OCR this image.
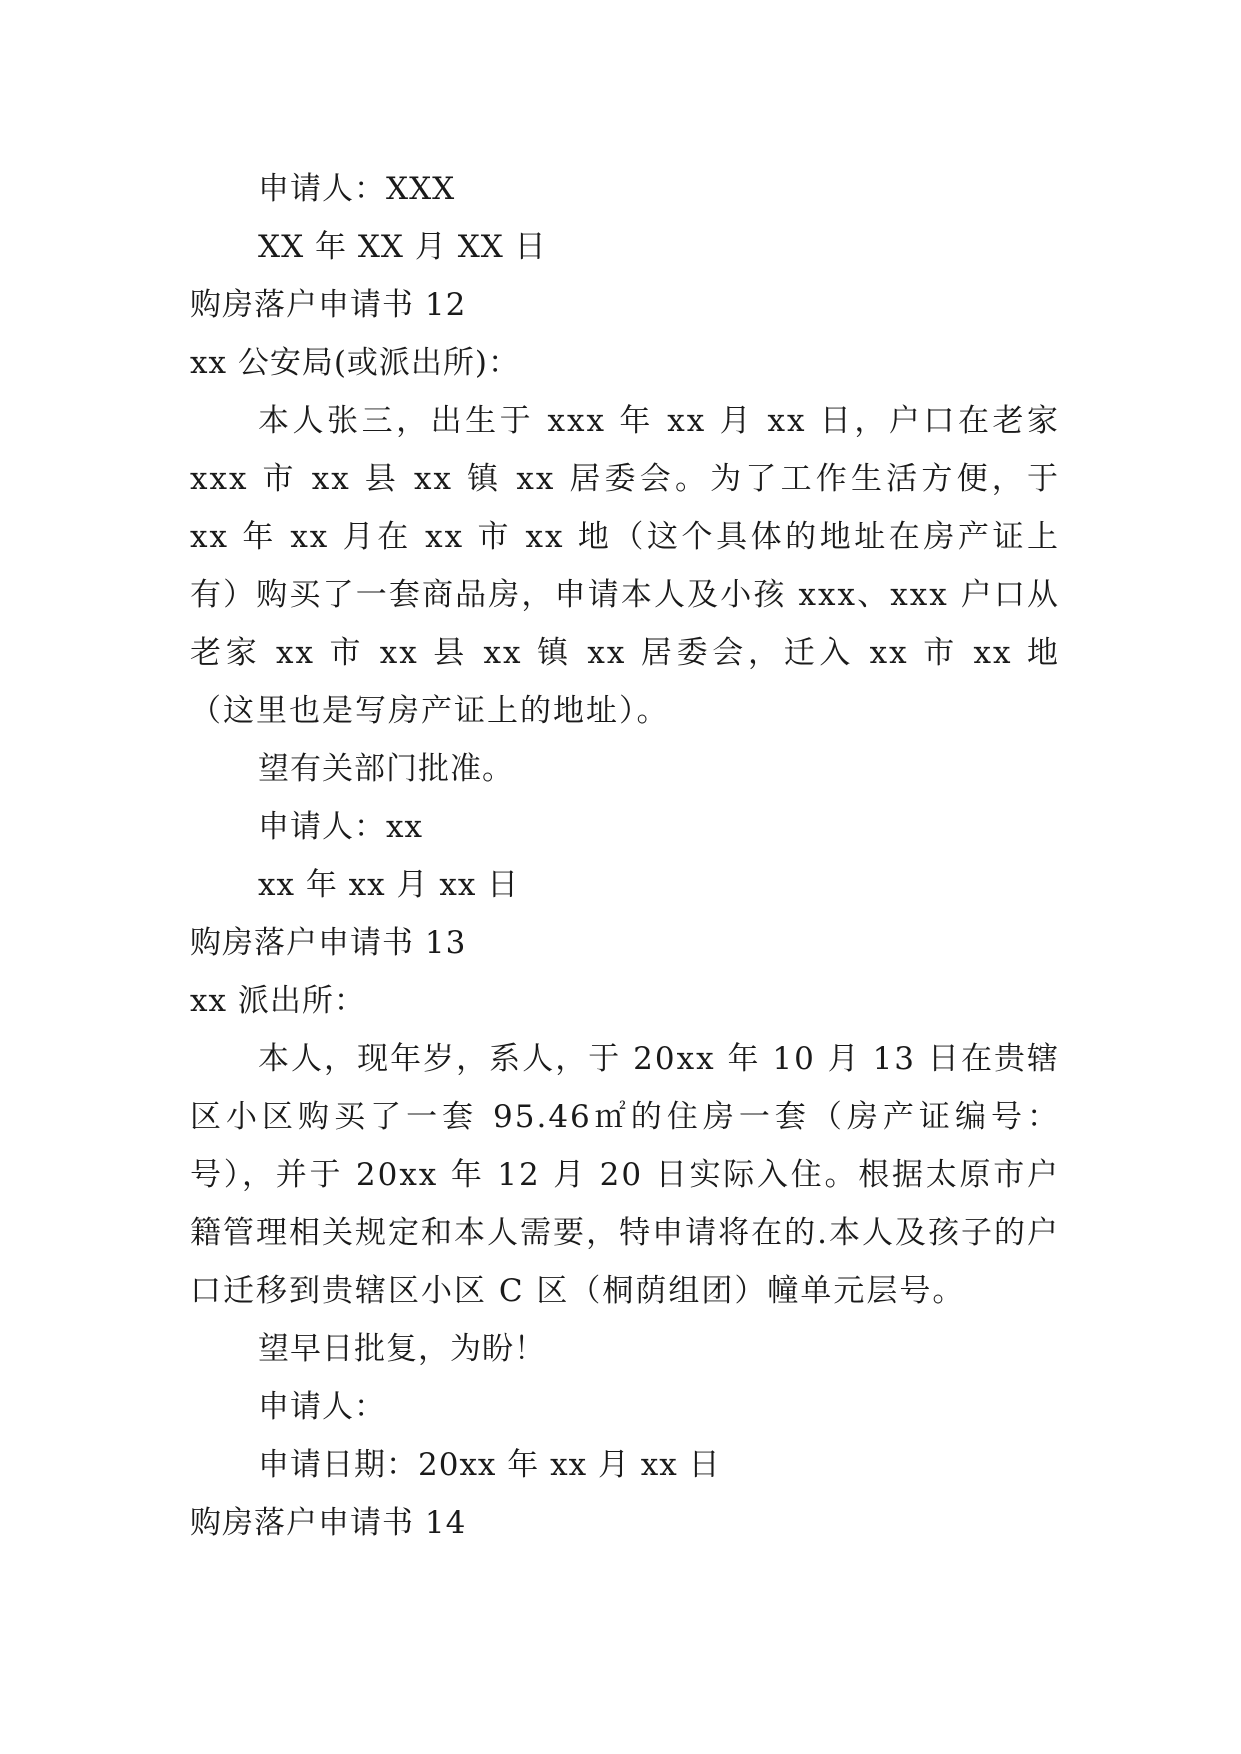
申请人：XXX

XX 年 XX 月 XX 日

购房落户申请书 12

xx 公安局(或派出所)：

本人张三，出生于 xxx 年 xx 月 xx 日，户口在老家 xxx 市 xx 县 xx 镇 xx 居委会。为了工作生活方便，于 xx 年 xx 月在 xx 市 xx 地（这个具体的地址在房产证上有）购买了一套商品房，申请本人及小孩 xxx、xxx 户口从老家 xx 市 xx 县 xx 镇 xx 居委会，迁入 xx 市 xx 地（这里也是写房产证上的地址）。

望有关部门批准。

申请人：xx

xx 年 xx 月 xx 日

购房落户申请书 13

xx 派出所：

本人，现年岁，系人，于 20xx 年 10 月 13 日在贵辖区小区购买了一套 95.46㎡的住房一套（房产证编号：号），并于 20xx 年 12 月 20 日实际入住。根据太原市户籍管理相关规定和本人需要，特申请将在的.本人及孩子的户口迁移到贵辖区小区 C 区（桐荫组团）幢单元层号。

望早日批复，为盼！

申请人：

申请日期：20xx 年 xx 月 xx 日

购房落户申请书 14
